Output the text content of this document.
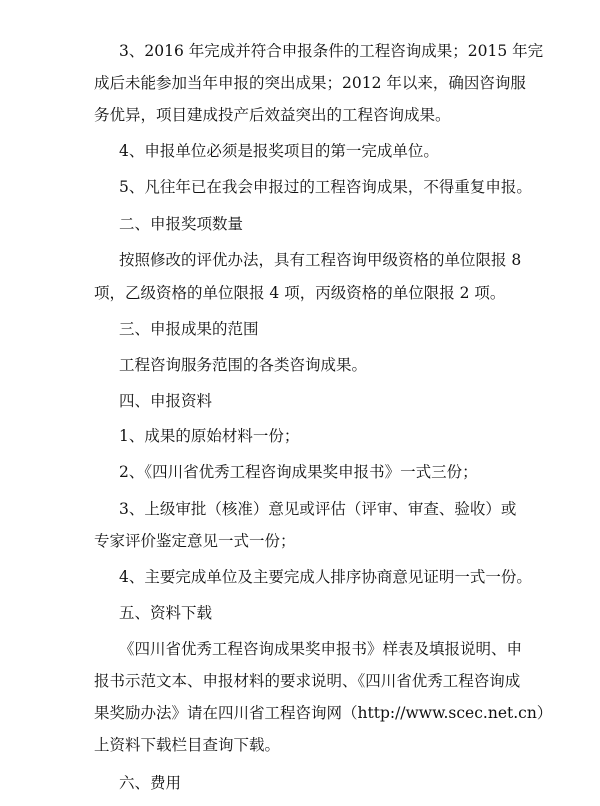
3、2016 年完成并符合申报条件的工程咨询成果；2015 年完
成后未能参加当年申报的突出成果；2012 年以来，确因咨询服
务优异，项目建成投产后效益突出的工程咨询成果。
4、申报单位必须是报奖项目的第一完成单位。
5、凡往年已在我会申报过的工程咨询成果，不得重复申报。
二、申报奖项数量
按照修改的评优办法，具有工程咨询甲级资格的单位限报 8
项，乙级资格的单位限报 4 项，丙级资格的单位限报 2 项。
三、申报成果的范围
工程咨询服务范围的各类咨询成果。
四、申报资料
1、成果的原始材料一份；
2、《四川省优秀工程咨询成果奖申报书》一式三份；
3、上级审批（核准）意见或评估（评审、审查、验收）或
专家评价鉴定意见一式一份；
4、主要完成单位及主要完成人排序协商意见证明一式一份。
五、资料下载
《四川省优秀工程咨询成果奖申报书》样表及填报说明、申
报书示范文本、申报材料的要求说明、《四川省优秀工程咨询成
果奖励办法》请在四川省工程咨询网（http://www.scec.net.cn）
上资料下载栏目查询下载。
六、费用
